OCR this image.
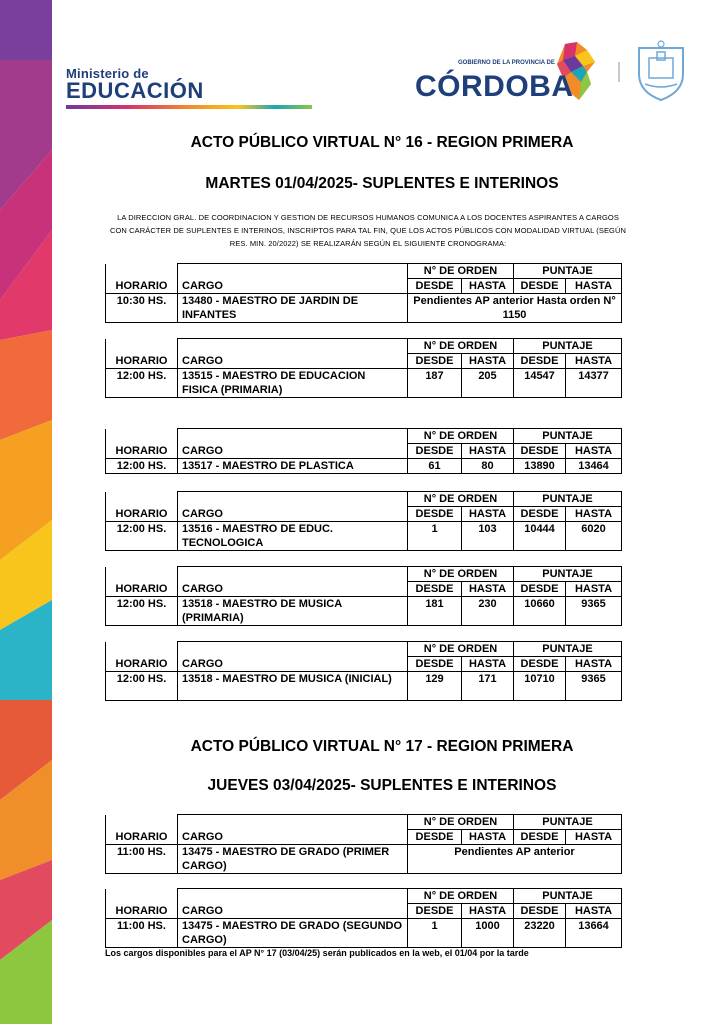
Ministerio de
EDUCACIÓN
GOBIERNO DE LA PROVINCIA DE
CÓRDOBA
ACTO PÚBLICO VIRTUAL N° 16 - REGION PRIMERA
MARTES 01/04/2025- SUPLENTES E INTERINOS
LA DIRECCION GRAL. DE COORDINACION Y GESTION DE RECURSOS HUMANOS COMUNICA A LOS DOCENTES ASPIRANTES A CARGOS CON CARÁCTER DE SUPLENTES E INTERINOS, INSCRIPTOS PARA TAL FIN, QUE LOS ACTOS PÚBLICOS CON MODALIDAD VIRTUAL (SEGÚN RES. MIN. 20/2022) SE REALIZARÁN SEGÚN EL SIGUIENTE CRONOGRAMA:
		N° DE ORDEN		PUNTAJE	
HORARIO	CARGO	DESDE	HASTA	DESDE	HASTA
10:30 HS.	13480 - MAESTRO DE JARDIN DE INFANTES	Pendientes AP anterior Hasta orden N° 1150			
		N° DE ORDEN		PUNTAJE	
HORARIO	CARGO	DESDE	HASTA	DESDE	HASTA
12:00 HS.	13515 - MAESTRO DE EDUCACION FISICA (PRIMARIA)	187	205	14547	14377
		N° DE ORDEN		PUNTAJE	
HORARIO	CARGO	DESDE	HASTA	DESDE	HASTA
12:00 HS.	13517 - MAESTRO DE PLASTICA	61	80	13890	13464
		N° DE ORDEN		PUNTAJE	
HORARIO	CARGO	DESDE	HASTA	DESDE	HASTA
12:00 HS.	13516 - MAESTRO DE EDUC. TECNOLOGICA	1	103	10444	6020
		N° DE ORDEN		PUNTAJE	
HORARIO	CARGO	DESDE	HASTA	DESDE	HASTA
12:00 HS.	13518 - MAESTRO DE MUSICA (PRIMARIA)	181	230	10660	9365
		N° DE ORDEN		PUNTAJE	
HORARIO	CARGO	DESDE	HASTA	DESDE	HASTA
12:00 HS.	13518 - MAESTRO DE MUSICA (INICIAL)	129	171	10710	9365
		N° DE ORDEN		PUNTAJE	
HORARIO	CARGO	DESDE	HASTA	DESDE	HASTA
11:00 HS.	13475 - MAESTRO DE GRADO (PRIMER CARGO)	Pendientes AP anterior			
		N° DE ORDEN		PUNTAJE	
HORARIO	CARGO	DESDE	HASTA	DESDE	HASTA
11:00 HS.	13475 - MAESTRO DE GRADO (SEGUNDO CARGO)	1	1000	23220	13664
ACTO PÚBLICO VIRTUAL N° 17 - REGION PRIMERA
JUEVES 03/04/2025- SUPLENTES E INTERINOS
Los cargos disponibles para el AP N° 17 (03/04/25) serán publicados en la web, el 01/04 por la tarde
